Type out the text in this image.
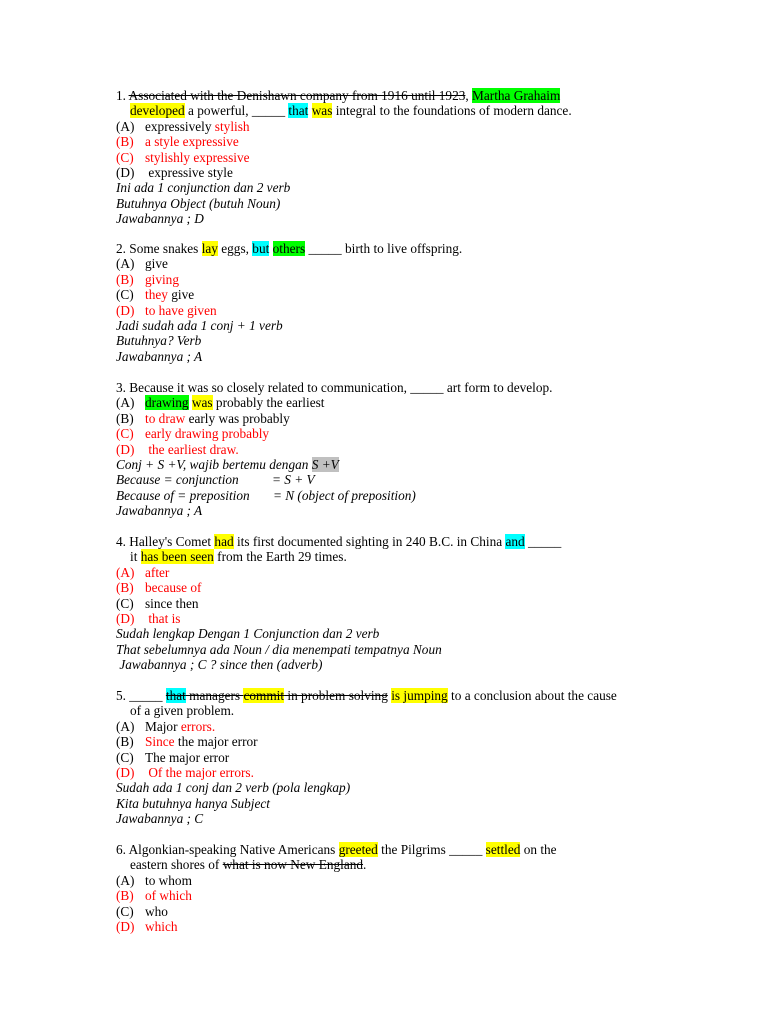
1. Associated with the Denishawn company from 1916 until 1923, Martha Grahaim
developed a powerful, _____ that was integral to the foundations of modern dance.
(A) expressively stylish
(B) a style expressive
(C) stylishly expressive
(D) expressive style
Ini ada 1 conjunction dan 2 verb
Butuhnya Object (butuh Noun)
Jawabannya ; D
2. Some snakes lay eggs, but others _____ birth to live offspring.
(A) give
(B) giving
(C) they give
(D) to have given
Jadi sudah ada 1 conj + 1 verb
Butuhnya? Verb
Jawabannya ; A
3. Because it was so closely related to communication, _____ art form to develop.
(A) drawing was probably the earliest
(B) to draw early was probably
(C) early drawing probably
(D) the earliest draw.
Conj + S +V, wajib bertemu dengan S +V
Because = conjunction          = S + V
Because of = preposition       = N (object of preposition)
Jawabannya ; A
4. Halley's Comet had its first documented sighting in 240 B.C. in China and _____
it has been seen from the Earth 29 times.
(A) after
(B) because of
(C) since then
(D) that is
Sudah lengkap Dengan 1 Conjunction dan 2 verb
That sebelumnya ada Noun / dia menempati tempatnya Noun
Jawabannya ; C ? since then (adverb)
5. _____ that managers commit in problem solving is jumping to a conclusion about the cause
of a given problem.
(A) Major errors.
(B) Since the major error
(C) The major error
(D) Of the major errors.
Sudah ada 1 conj dan 2 verb (pola lengkap)
Kita butuhnya hanya Subject
Jawabannya ; C
6. Algonkian-speaking Native Americans greeted the Pilgrims _____ settled on the
eastern shores of what is now New England.
(A) to whom
(B) of which
(C) who
(D) which
